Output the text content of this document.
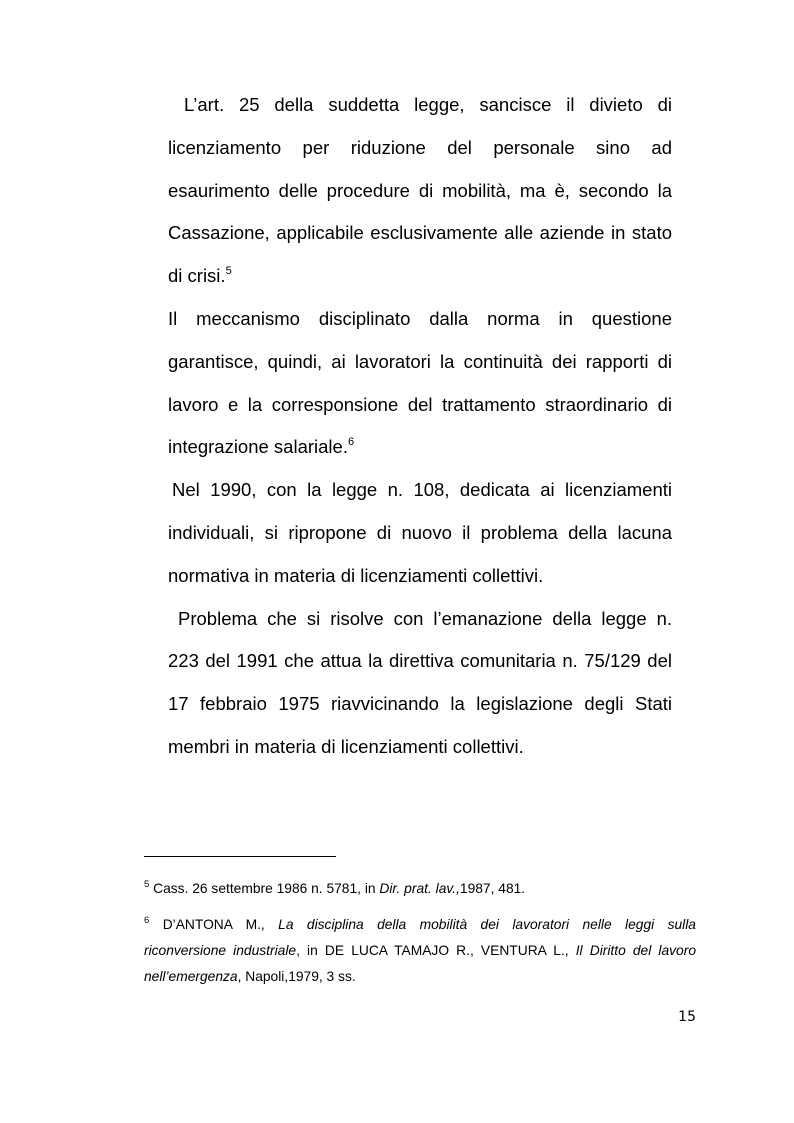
L’art. 25 della suddetta legge, sancisce il divieto di
licenziamento per riduzione del personale sino ad
esaurimento delle procedure di mobilità, ma è, secondo la
Cassazione, applicabile esclusivamente alle aziende in stato
di crisi.$^5$
Il meccanismo disciplinato dalla norma in questione
garantisce, quindi, ai lavoratori la continuità dei rapporti di
lavoro e la corresponsione del trattamento straordinario di
integrazione salariale.$^6$
Nel 1990, con la legge n. 108, dedicata ai licenziamenti
individuali, si ripropone di nuovo il problema della lacuna
normativa in materia di licenziamenti collettivi.
Problema che si risolve con l’emanazione della legge n.
223 del 1991 che attua la direttiva comunitaria n. 75/129 del
17 febbraio 1975 riavvicinando la legislazione degli Stati
membri in materia di licenziamenti collettivi.
$^5$ Cass. 26 settembre 1986 n. 5781, in Dir. prat. lav.,1987, 481.
$^6$ D’ANTONA M., La disciplina della mobilità dei lavoratori nelle leggi sulla
riconversione industriale, in DE LUCA TAMAJO R., VENTURA L., Il Diritto del lavoro
nell’emergenza, Napoli,1979, 3 ss.
15
